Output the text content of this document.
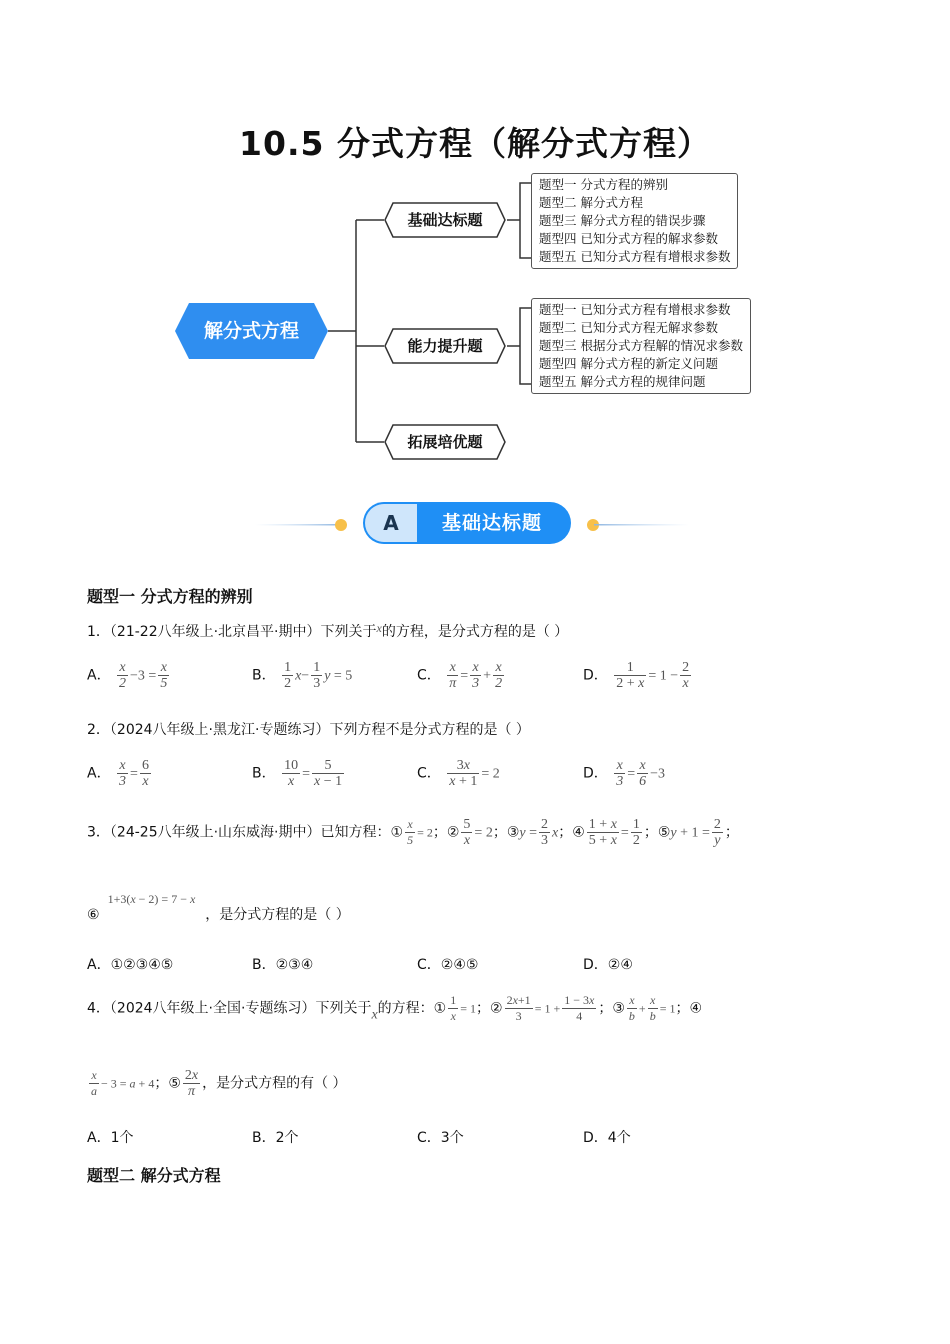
10.5 分式方程（解分式方程）
解分式方程
基础达标题
能力提升题
拓展培优题
题型一 分式方程的辨别
题型二 解分式方程
题型三 解分式方程的错误步骤
题型四 已知分式方程的解求参数
题型五 已知分式方程有增根求参数
题型一 已知分式方程有增根求参数
题型二 已知分式方程无解求参数
题型三 根据分式方程解的情况求参数
题型四 解分式方程的新定义问题
题型五 解分式方程的规律问题
A	基础达标题
题型一 分式方程的辨别
1．（21-22八年级上·北京昌平·期中）下列关于x的方程，是分式方程的是（ ）
A． $\frac{x}{2} -3 = \frac{x}{5}$	B． $\frac{1}{2} x- \frac{1}{3}$ y = 5	C． $\frac{x}{\pi} = \frac{x}{3} + \frac{x}{2}$	D． $\frac{1}{2 + x} = 1 - \frac{2}{x}$
2．（2024八年级上·黑龙江·专题练习）下列方程不是分式方程的是（ ）
A． $\frac{x}{3} = \frac{6}{x}$	B． $\frac{10}{x} = \frac{5}{x - 1}$	C． $\frac{3x}{x + 1} = 2$	D． $\frac{x}{3} = \frac{x}{6} -3$
3．（24-25八年级上·山东威海·期中）已知方程：① $\frac{x}{5} = 2$；② $\frac{5}{x} = 2$；③y = $\frac{2}{3}$ x；④ $\frac{1 + x}{5 + x} = \frac{1}{2}$ ；⑤y + $1 = \frac{2}{y}$ ；
⑥1+3(x − 2) = 7 − x，是分式方程的是（ ）
A．①②③④⑤	B．②③④	C．②④⑤	D．②④
4．（2024八年级上·全国·专题练习）下列关于x的方程：① $\frac{1}{x} = 1$；② $\frac{2x+1}{3} = 1 + \frac{1 - 3x}{4}$ ；③ $\frac{x}{b} + \frac{x}{b} = 1$；④
$\frac{x}{a} - 3 = a + 4$；⑤ $\frac{2x}{\pi}$ ，是分式方程的有（ ）
A．1个	B．2个	C．3个	D．4个
题型二 解分式方程
